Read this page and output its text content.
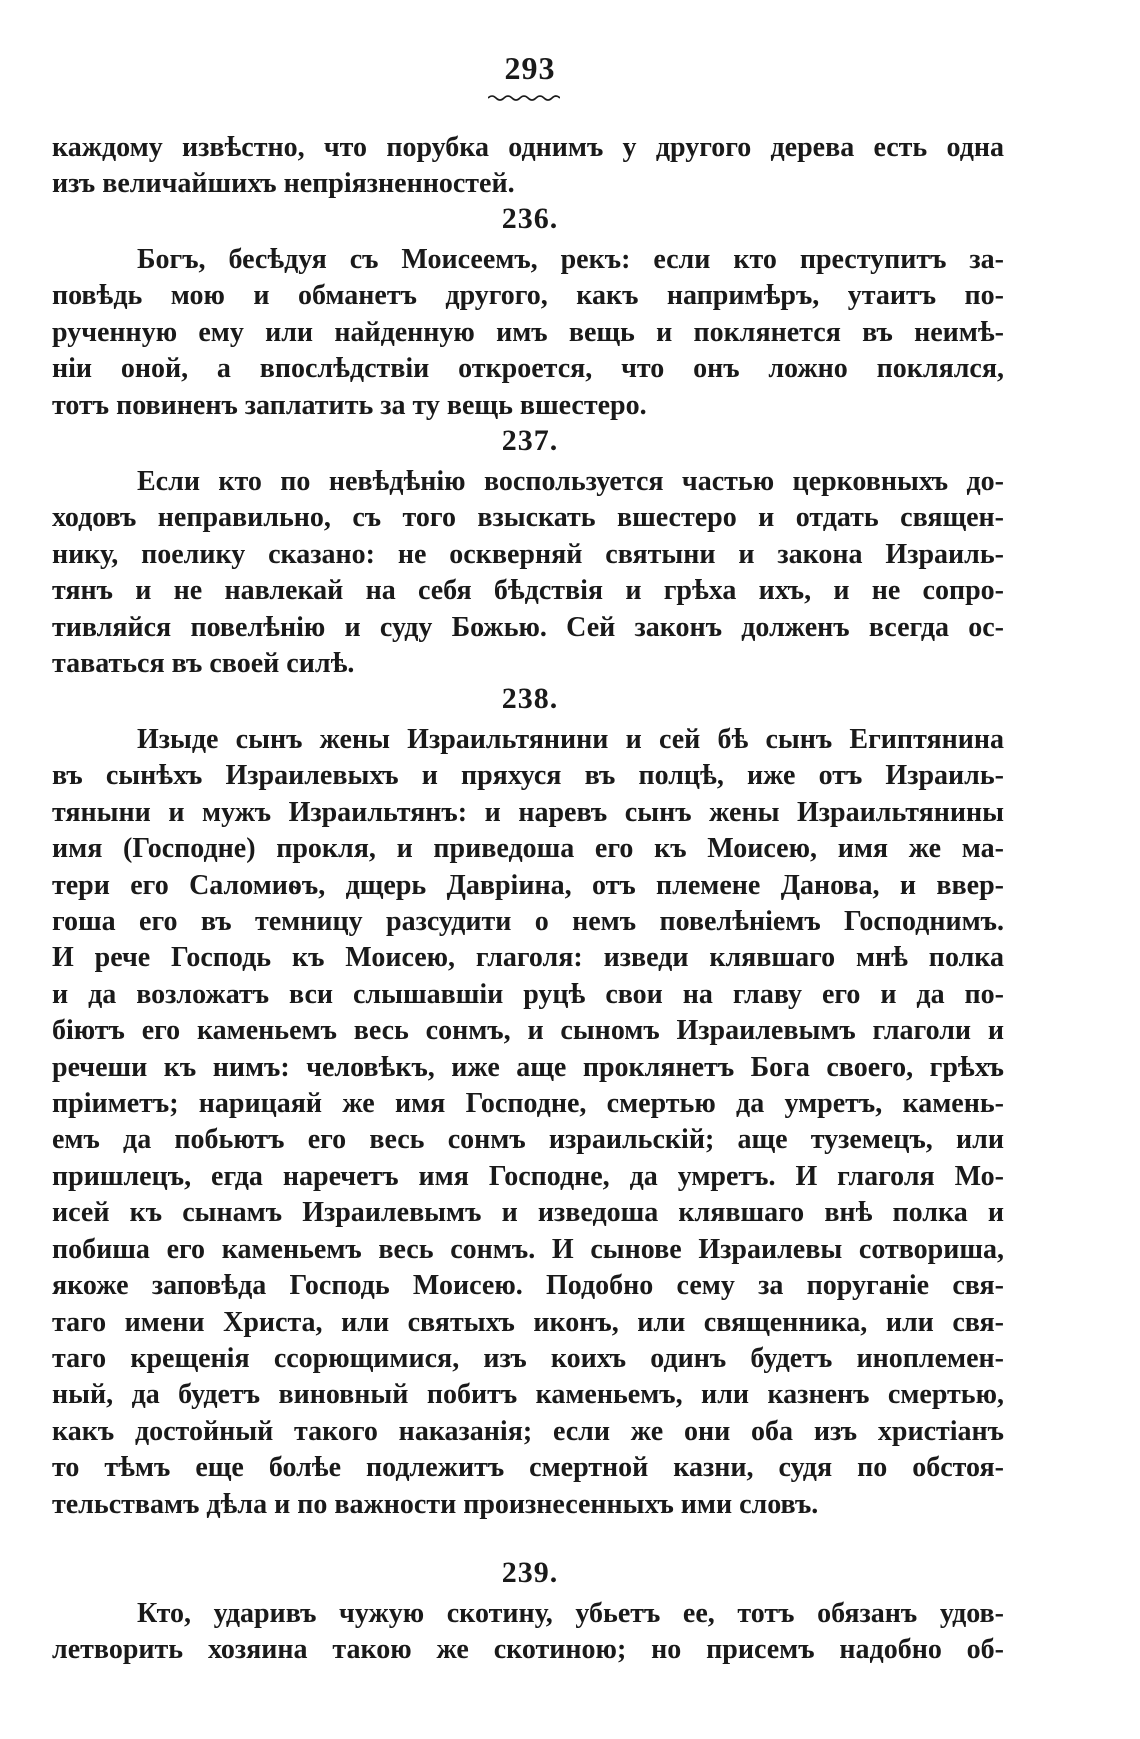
293
каждому извѣстно, что порубка однимъ у другого дерева есть одна
изъ величайшихъ непріязненностей.
236.
Богъ, бесѣдуя съ Моисеемъ, рекъ: если кто преступитъ за-
повѣдь мою и обманетъ другого, какъ напримѣръ, утаитъ по-
рученную ему или найденную имъ вещь и поклянется въ неимѣ-
ніи оной, а впослѣдствіи откроется, что онъ ложно поклялся,
тотъ повиненъ заплатить за ту вещь вшестеро.
237.
Если кто по невѣдѣнію воспользуется частью церковныхъ до-
ходовъ неправильно, съ того взыскать вшестеро и отдать священ-
нику, поелику сказано: не оскверняй святыни и закона Израиль-
тянъ и не навлекай на себя бѣдствія и грѣха ихъ, и не сопро-
тивляйся повелѣнію и суду Божью. Сей законъ долженъ всегда ос-
таваться въ своей силѣ.
238.
Изыде сынъ жены Израильтянини и сей бѣ сынъ Египтянина
въ сынѣхъ Израилевыхъ и пряхуся въ полцѣ, иже отъ Израиль-
тяныни и мужъ Израильтянъ: и наревъ сынъ жены Израильтянины
имя (Господне) прокля, и приведоша его къ Моисею, имя же ма-
тери его Саломиѳъ, дщерь Давріина, отъ племене Данова, и ввер-
гоша его въ темницу разсудити о немъ повелѣніемъ Господнимъ.
И рече Господь къ Моисею, глаголя: изведи клявшаго мнѣ полка
и да возложатъ вси слышавшіи руцѣ свои на главу его и да по-
біютъ его каменьемъ весь сонмъ, и сыномъ Израилевымъ глаголи и
речеши къ нимъ: человѣкъ, иже аще проклянетъ Бога своего, грѣхъ
пріиметъ; нарицаяй же имя Господне, смертью да умретъ, камень-
емъ да побьютъ его весь сонмъ израильскій; аще туземецъ, или
пришлецъ, егда наречетъ имя Господне, да умретъ. И глаголя Мо-
исей къ сынамъ Израилевымъ и изведоша клявшаго внѣ полка и
побиша его каменьемъ весь сонмъ. И сынове Израилевы сотвориша,
якоже заповѣда Господь Моисею. Подобно сему за поруганіе свя-
таго имени Христа, или святыхъ иконъ, или священника, или свя-
таго крещенія ссорющимися, изъ коихъ одинъ будетъ иноплемен-
ный, да будетъ виновный побитъ каменьемъ, или казненъ смертью,
какъ достойный такого наказанія; если же они оба изъ христіанъ
то тѣмъ еще болѣе подлежитъ смертной казни, судя по обстоя-
тельствамъ дѣла и по важности произнесенныхъ ими словъ.
239.
Кто, ударивъ чужую скотину, убьетъ ее, тотъ обязанъ удов-
летворить хозяина такою же скотиною; но присемъ надобно об-
